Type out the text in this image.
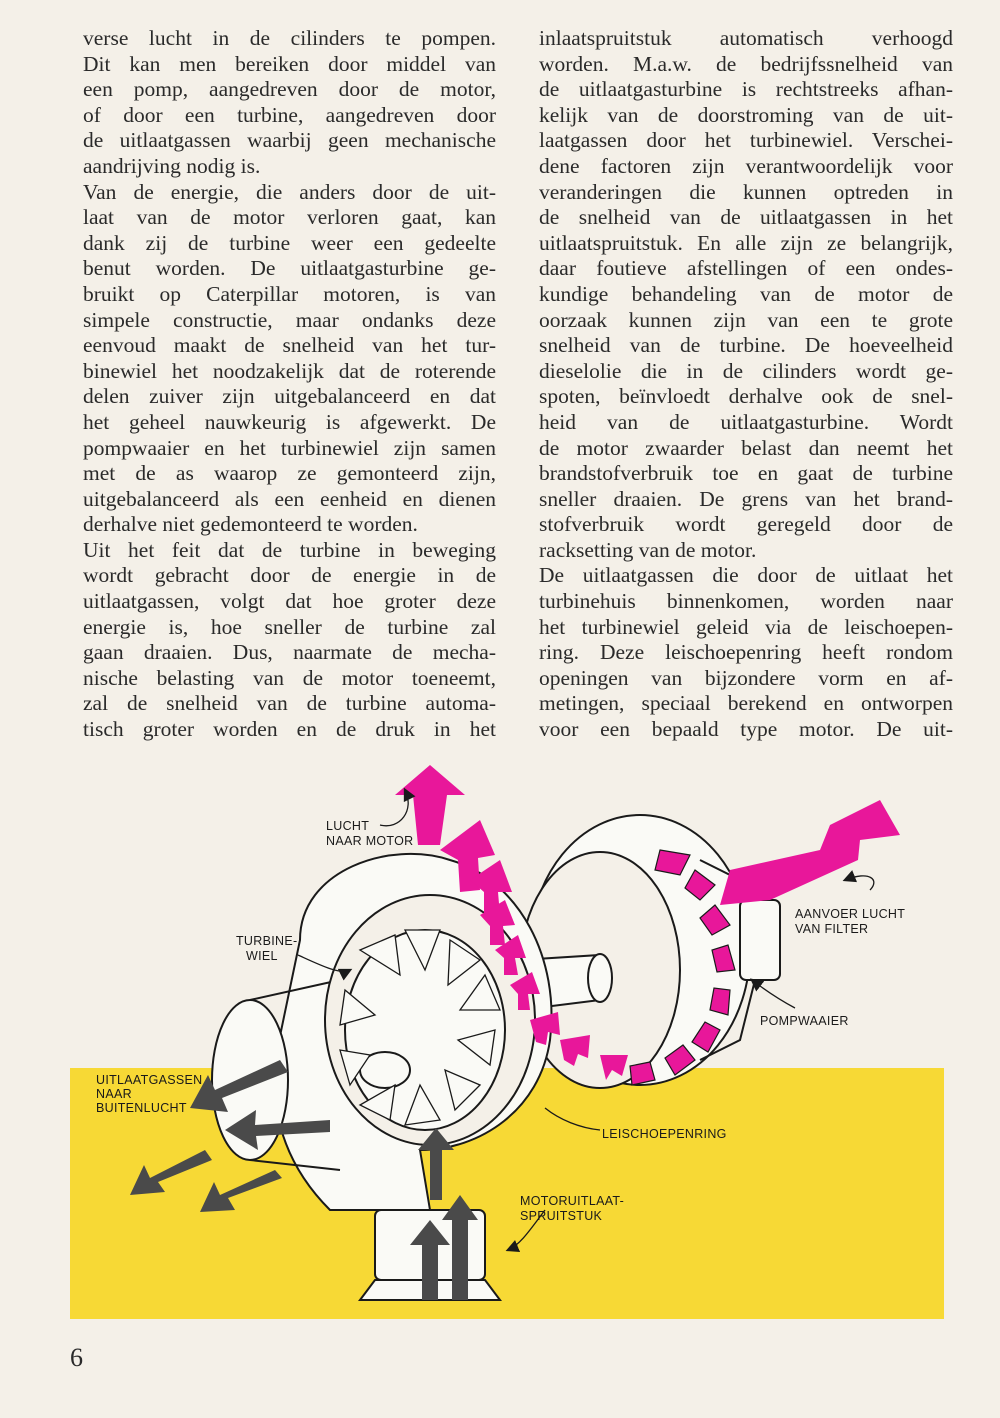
verse lucht in de cilinders te pompen.
Dit kan men bereiken door middel van
een pomp, aangedreven door de motor,
of door een turbine, aangedreven door
de uitlaatgassen waarbij geen mechanische
aandrijving nodig is.
Van de energie, die anders door de uit-
laat van de motor verloren gaat, kan
dank zij de turbine weer een gedeelte
benut worden. De uitlaatgasturbine ge-
bruikt op Caterpillar motoren, is van
simpele constructie, maar ondanks deze
eenvoud maakt de snelheid van het tur-
binewiel het noodzakelijk dat de roterende
delen zuiver zijn uitgebalanceerd en dat
het geheel nauwkeurig is afgewerkt. De
pompwaaier en het turbinewiel zijn samen
met de as waarop ze gemonteerd zijn,
uitgebalanceerd als een eenheid en dienen
derhalve niet gedemonteerd te worden.
Uit het feit dat de turbine in beweging
wordt gebracht door de energie in de
uitlaatgassen, volgt dat hoe groter deze
energie is, hoe sneller de turbine zal
gaan draaien. Dus, naarmate de mecha-
nische belasting van de motor toeneemt,
zal de snelheid van de turbine automa-
tisch groter worden en de druk in het
inlaatspruitstuk automatisch verhoogd
worden. M.a.w. de bedrijfssnelheid van
de uitlaatgasturbine is rechtstreeks afhan-
kelijk van de doorstroming van de uit-
laatgassen door het turbinewiel. Verschei-
dene factoren zijn verantwoordelijk voor
veranderingen die kunnen optreden in
de snelheid van de uitlaatgassen in het
uitlaatspruitstuk. En alle zijn ze belangrijk,
daar foutieve afstellingen of een ondes-
kundige behandeling van de motor de
oorzaak kunnen zijn van een te grote
snelheid van de turbine. De hoeveelheid
dieselolie die in de cilinders wordt ge-
spoten, beïnvloedt derhalve ook de snel-
heid van de uitlaatgasturbine. Wordt
de motor zwaarder belast dan neemt het
brandstofverbruik toe en gaat de turbine
sneller draaien. De grens van het brand-
stofverbruik wordt geregeld door de
racksetting van de motor.
De uitlaatgassen die door de uitlaat het
turbinehuis binnenkomen, worden naar
het turbinewiel geleid via de leischoepen-
ring. Deze leischoepenring heeft rondom
openingen van bijzondere vorm en af-
metingen, speciaal berekend en ontworpen
voor een bepaald type motor. De uit-
LUCHT
NAAR MOTOR
AANVOER LUCHT
VAN FILTER
TURBINE-
WIEL
POMPWAAIER
UITLAATGASSEN
NAAR
BUITENLUCHT
LEISCHOEPENRING
MOTORUITLAAT-
SPRUITSTUK
6
